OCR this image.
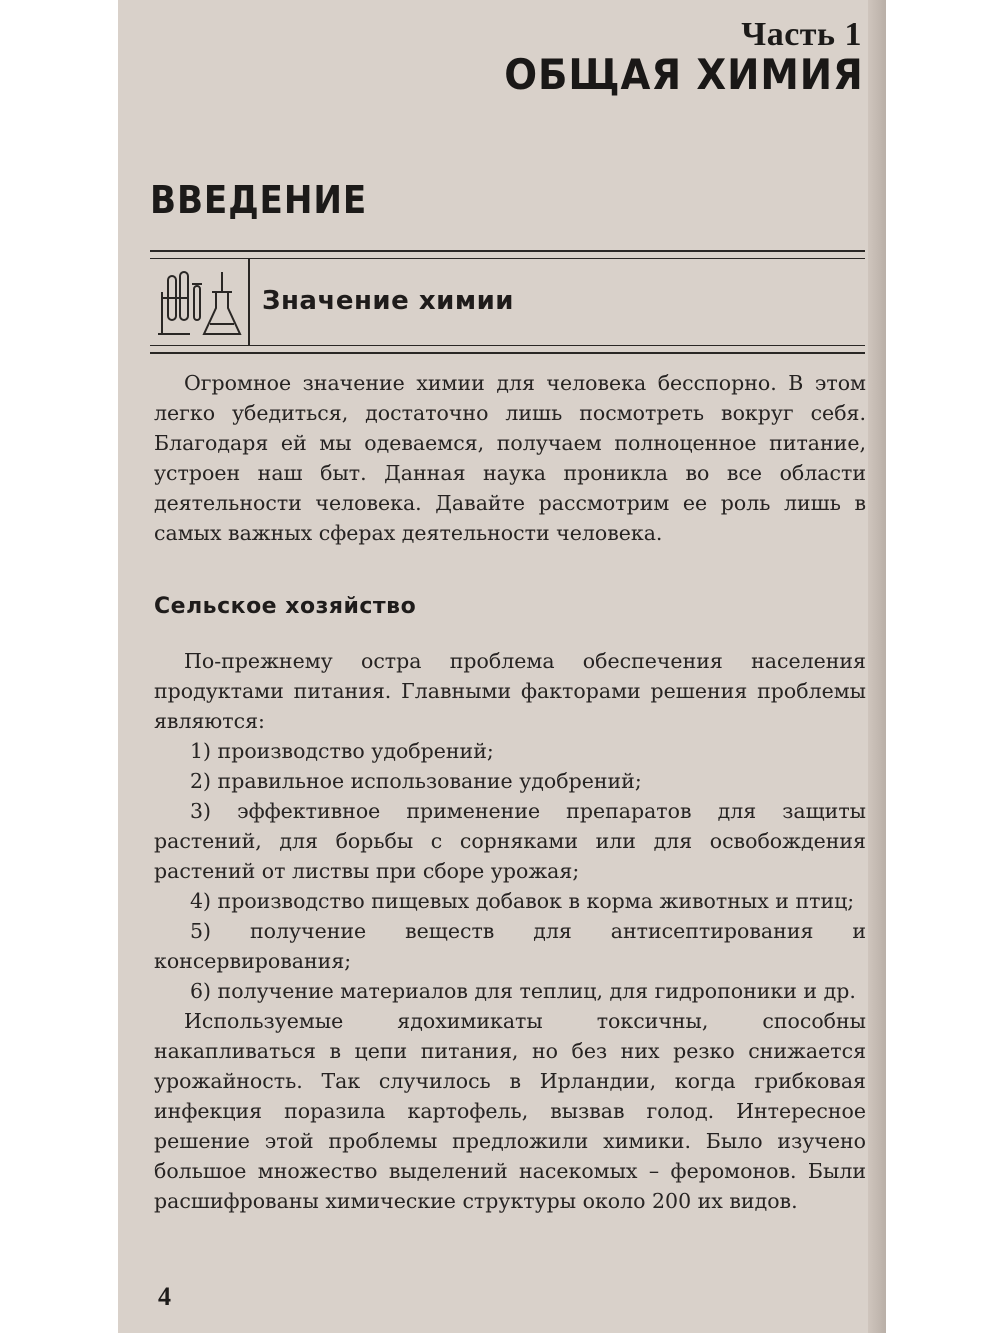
Часть 1
ОБЩАЯ ХИМИЯ
ВВЕДЕНИЕ
Значение химии

Огромное значение химии для человека бесспорно. В этом легко убедиться, достаточно лишь посмотреть вокруг себя. Благодаря ей мы одеваемся, получаем полноценное питание, устроен наш быт. Данная наука проникла во все области деятельности человека. Давайте рассмотрим ее роль лишь в самых важных сферах деятельности человека.

Сельское хозяйство

По-прежнему остра проблема обеспечения населения продуктами питания. Главными факторами решения проблемы являются:

1) производство удобрений;
2) правильное использование удобрений;
3) эффективное применение препаратов для защиты растений, для борьбы с сорняками или для освобождения растений от листвы при сборе урожая;
4) производство пищевых добавок в корма животных и птиц;
5) получение веществ для антисептирования и консервирования;
6) получение материалов для теплиц, для гидропоники и др.

Используемые ядохимикаты токсичны, способны накапливаться в цепи питания, но без них резко снижается урожайность. Так случилось в Ирландии, когда грибковая инфекция поразила картофель, вызвав голод. Интересное решение этой проблемы предложили химики. Было изучено большое множество выделений насекомых – феромонов. Были расшифрованы химические структуры около 200 их видов.

4
